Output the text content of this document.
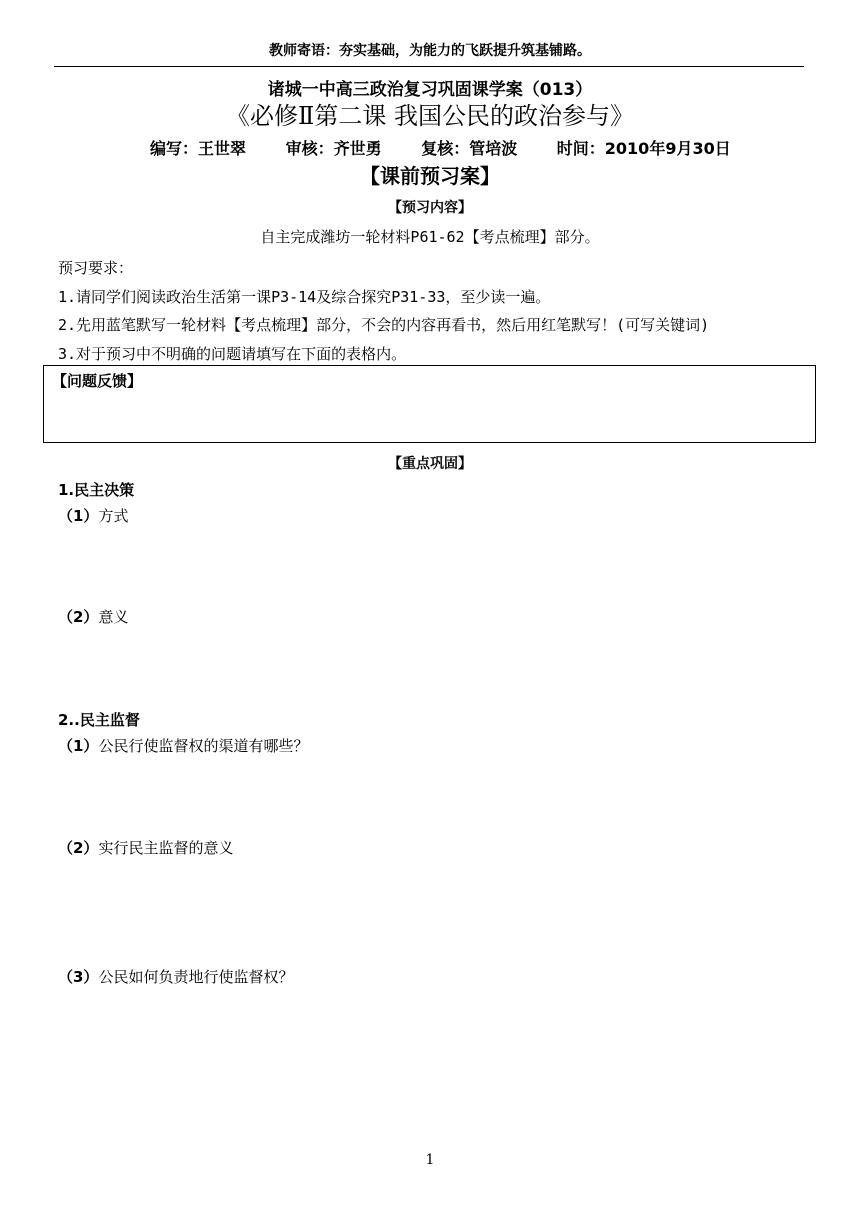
教师寄语：夯实基础，为能力的飞跃提升筑基铺路。
诸城一中高三政治复习巩固课学案（013）
《必修Ⅱ第二课 我国公民的政治参与》
编写：王世翠 审核：齐世勇 复核：管培波 时间：2010年9月30日
【课前预习案】
【预习内容】
自主完成潍坊一轮材料P61-62【考点梳理】部分。
预习要求：
1.请同学们阅读政治生活第一课P3-14及综合探究P31-33，至少读一遍。
2.先用蓝笔默写一轮材料【考点梳理】部分，不会的内容再看书，然后用红笔默写！(可写关键词)
3.对于预习中不明确的问题请填写在下面的表格内。
【问题反馈】
【重点巩固】
1.民主决策
（1）方式
（2）意义
2..民主监督
（1）公民行使监督权的渠道有哪些？
（2）实行民主监督的意义
（3）公民如何负责地行使监督权？
1
